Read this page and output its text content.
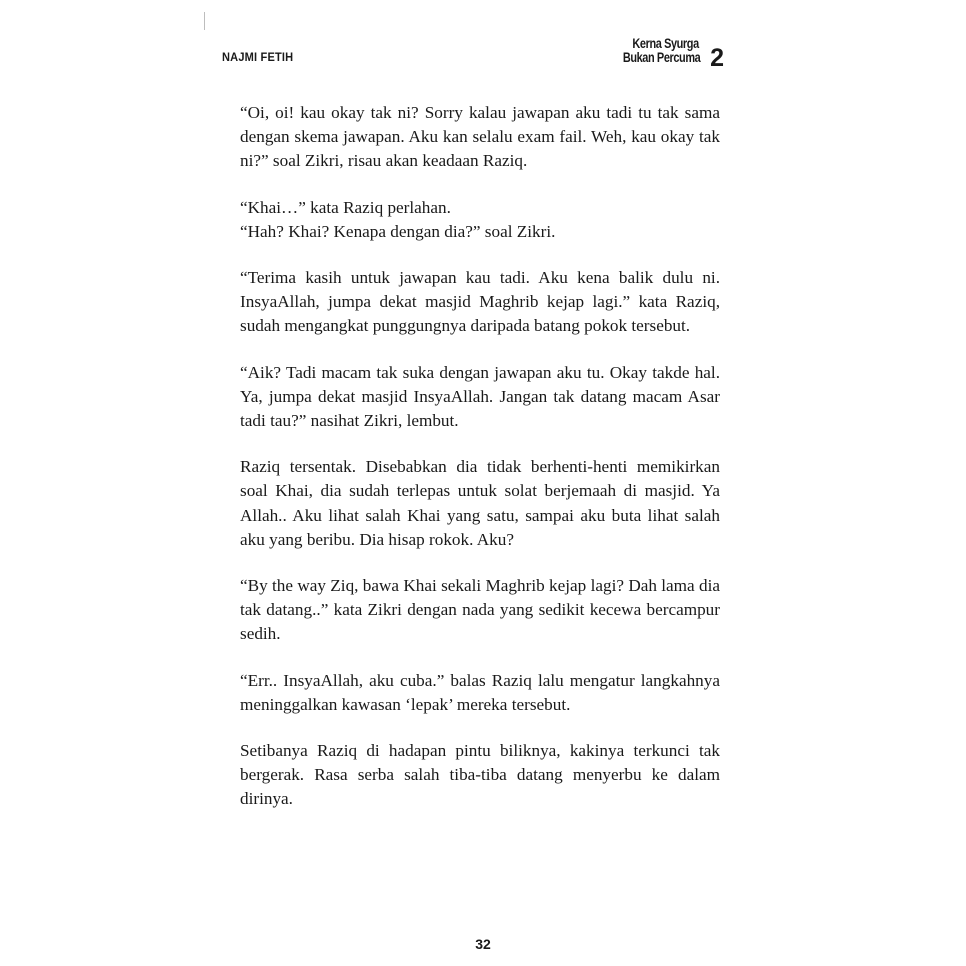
NAJMI FETIH
Kerna Syurga
Bukan Percuma 2

“Oi, oi! kau okay tak ni? Sorry kalau jawapan aku tadi tu tak sama dengan skema jawapan. Aku kan selalu exam fail. Weh, kau okay tak ni?” soal Zikri, risau akan keadaan Raziq.

“Khai…” kata Raziq perlahan.

“Hah? Khai? Kenapa dengan dia?” soal Zikri.

“Terima kasih untuk jawapan kau tadi. Aku kena balik dulu ni. InsyaAllah, jumpa dekat masjid Maghrib kejap lagi.” kata Raziq, sudah mengangkat punggungnya daripada batang pokok tersebut.

“Aik? Tadi macam tak suka dengan jawapan aku tu. Okay takde hal. Ya, jumpa dekat masjid InsyaAllah. Jangan tak datang macam Asar tadi tau?” nasihat Zikri, lembut.

Raziq tersentak. Disebabkan dia tidak berhenti-henti memikirkan soal Khai, dia sudah terlepas untuk solat berjemaah di masjid. Ya Allah.. Aku lihat salah Khai yang satu, sampai aku buta lihat salah aku yang beribu. Dia hisap rokok. Aku?

“By the way Ziq, bawa Khai sekali Maghrib kejap lagi? Dah lama dia tak datang..” kata Zikri dengan nada yang sedikit kecewa bercampur sedih.

“Err.. InsyaAllah, aku cuba.” balas Raziq lalu mengatur langkahnya meninggalkan kawasan ‘lepak’ mereka tersebut.

Setibanya Raziq di hadapan pintu biliknya, kakinya terkunci tak bergerak. Rasa serba salah tiba-tiba datang menyerbu ke dalam dirinya.

32
